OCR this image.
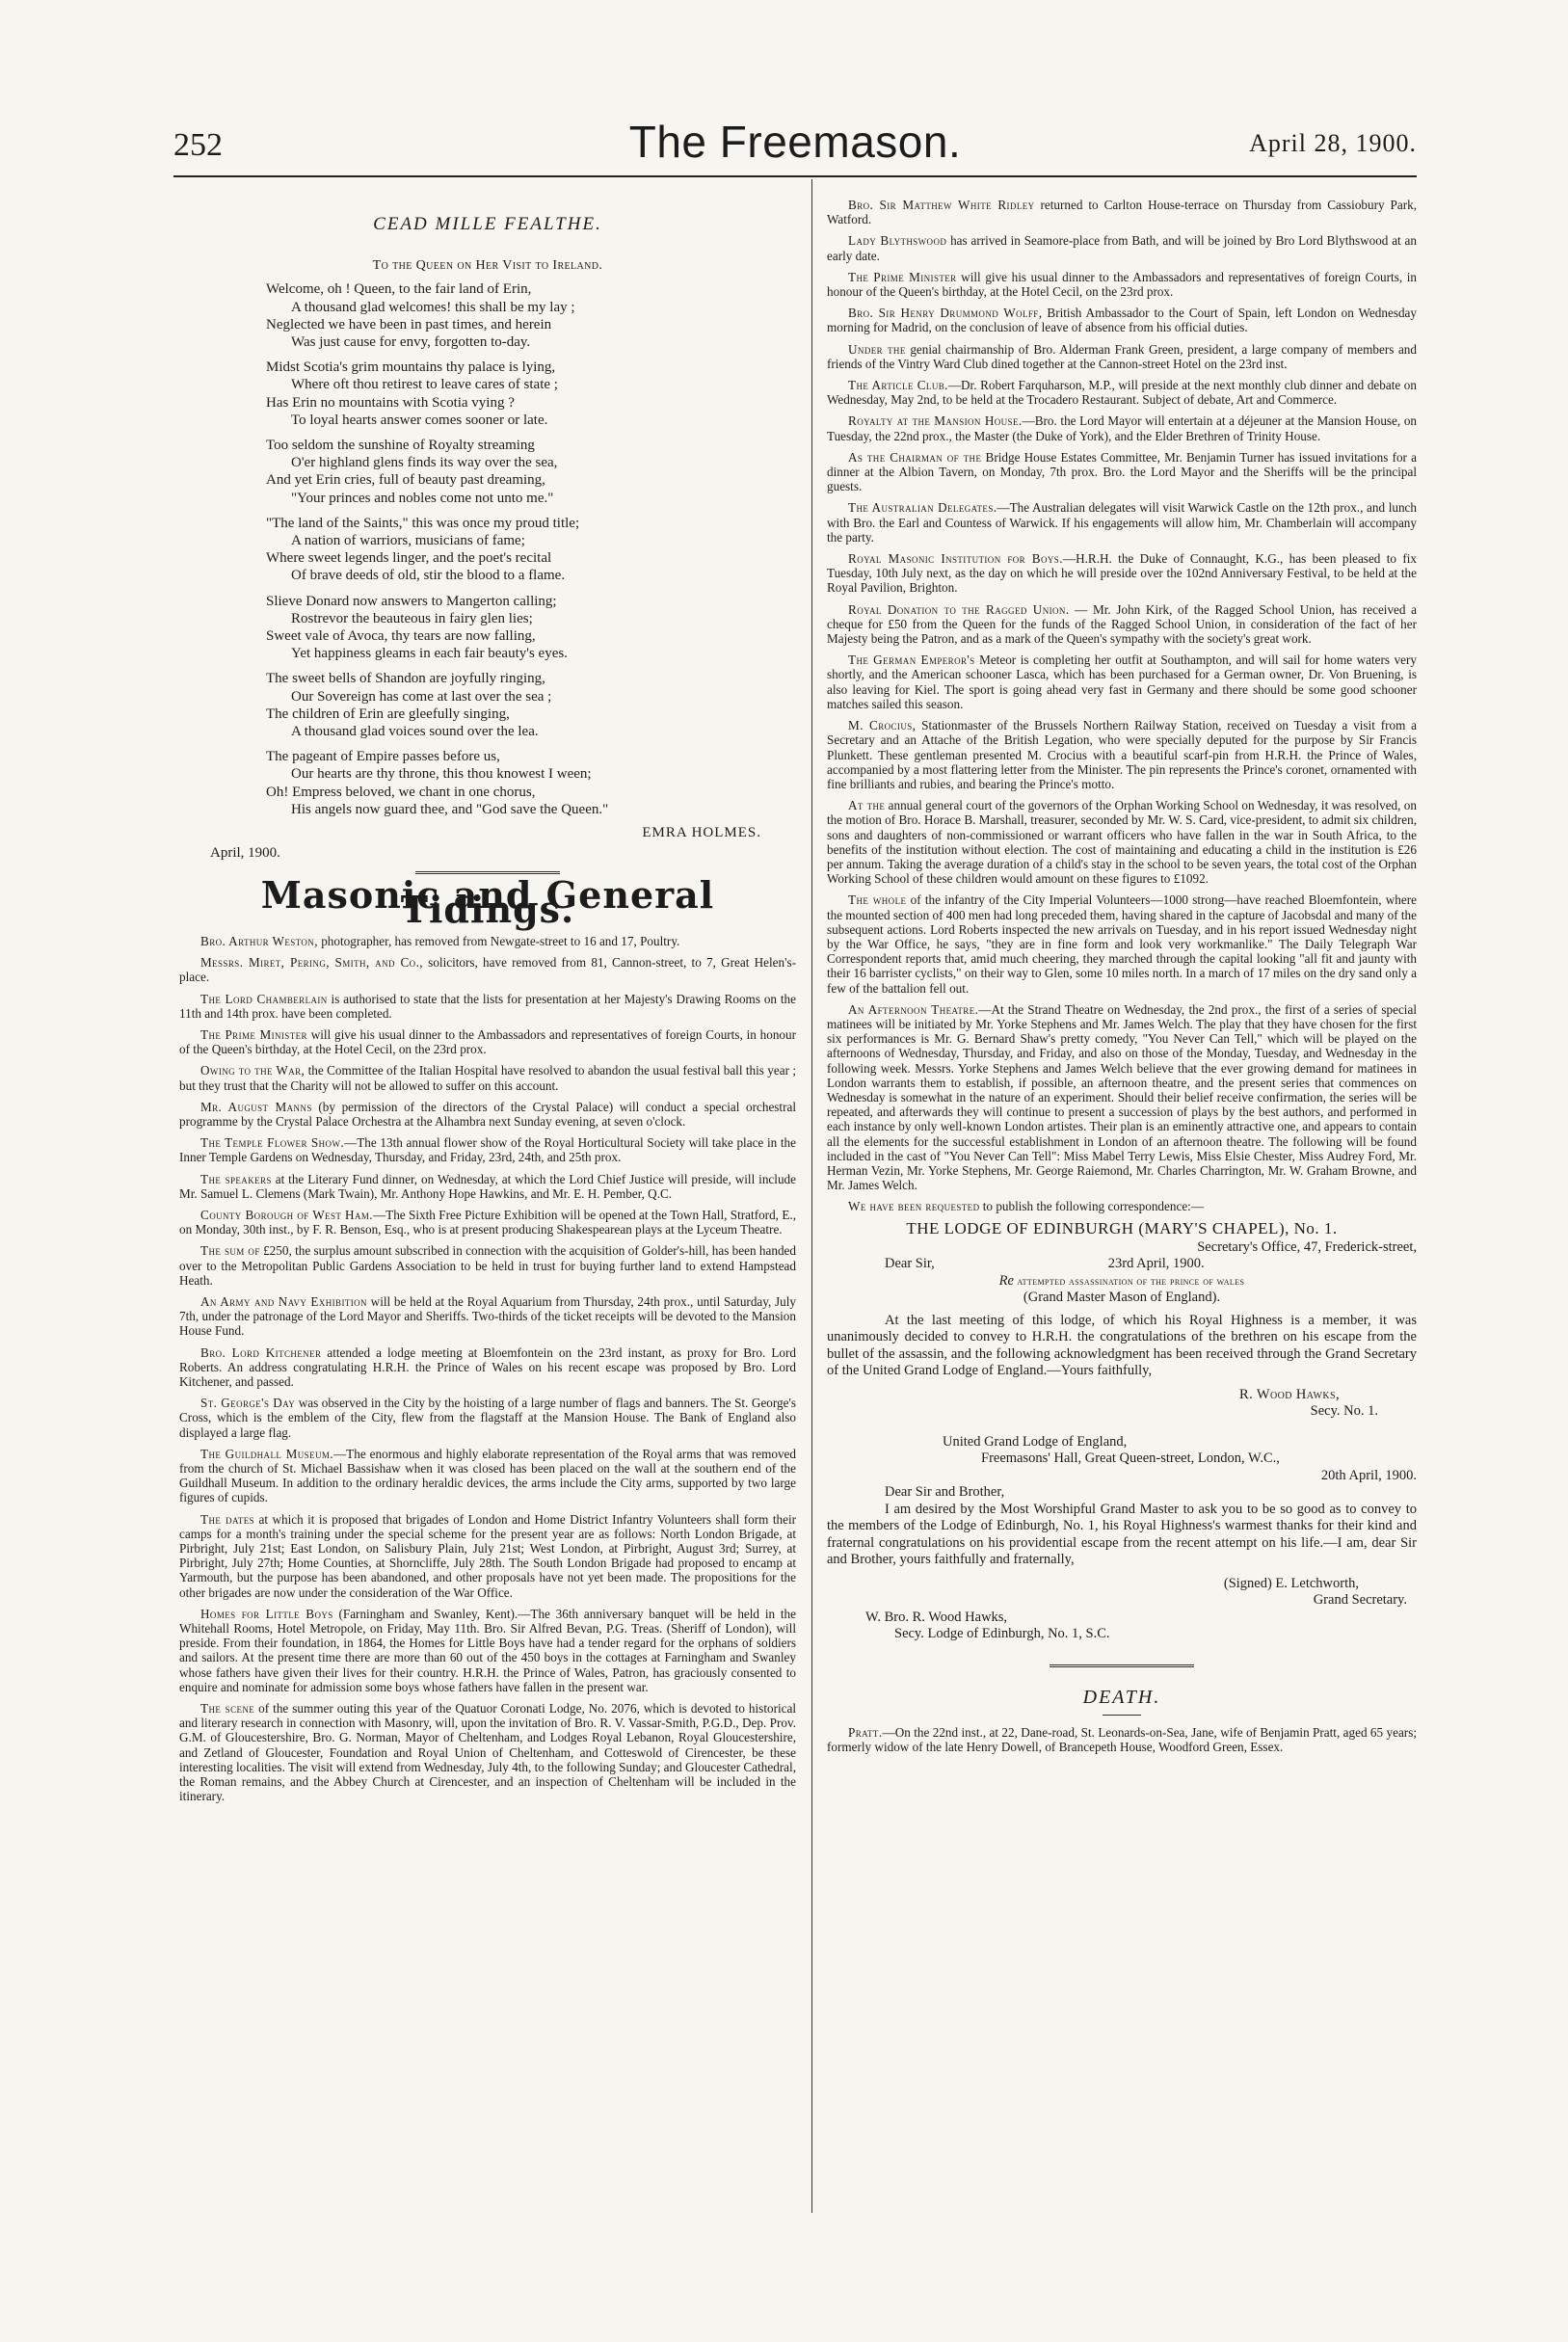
252	The Freemason.	April 28, 1900.
CEAD MILLE FEALTHE.
To the Queen on Her Visit to Ireland.
Welcome, oh ! Queen, to the fair land of Erin,
A thousand glad welcomes! this shall be my lay ;
Neglected we have been in past times, and herein
Was just cause for envy, forgotten to-day.
Midst Scotia's grim mountains thy palace is lying,
Where oft thou retirest to leave cares of state ;
Has Erin no mountains with Scotia vying ?
To loyal hearts answer comes sooner or late.
Too seldom the sunshine of Royalty streaming
O'er highland glens finds its way over the sea,
And yet Erin cries, full of beauty past dreaming,
"Your princes and nobles come not unto me."
"The land of the Saints," this was once my proud title;
A nation of warriors, musicians of fame;
Where sweet legends linger, and the poet's recital
Of brave deeds of old, stir the blood to a flame.
Slieve Donard now answers to Mangerton calling;
Rostrevor the beauteous in fairy glen lies;
Sweet vale of Avoca, thy tears are now falling,
Yet happiness gleams in each fair beauty's eyes.
The sweet bells of Shandon are joyfully ringing,
Our Sovereign has come at last over the sea ;
The children of Erin are gleefully singing,
A thousand glad voices sound over the lea.
The pageant of Empire passes before us,
Our hearts are thy throne, this thou knowest I ween;
Oh! Empress beloved, we chant in one chorus,
His angels now guard thee, and "God save the Queen."
EMRA HOLMES.
April, 1900.
Masonic and General Tidings.

Bro. Arthur Weston, photographer, has removed from Newgate-street to 16 and 17, Poultry.

Messrs. Miret, Pering, Smith, and Co., solicitors, have removed from 81, Cannon-street, to 7, Great Helen's-place.

The Lord Chamberlain is authorised to state that the lists for presentation at her Majesty's Drawing Rooms on the 11th and 14th prox. have been completed.

The Prime Minister will give his usual dinner to the Ambassadors and representatives of foreign Courts, in honour of the Queen's birthday, at the Hotel Cecil, on the 23rd prox.

Owing to the War, the Committee of the Italian Hospital have resolved to abandon the usual festival ball this year ; but they trust that the Charity will not be allowed to suffer on this account.

Mr. August Manns (by permission of the directors of the Crystal Palace) will conduct a special orchestral programme by the Crystal Palace Orchestra at the Alhambra next Sunday evening, at seven o'clock.

The Temple Flower Show.—The 13th annual flower show of the Royal Horticultural Society will take place in the Inner Temple Gardens on Wednesday, Thursday, and Friday, 23rd, 24th, and 25th prox.

The speakers at the Literary Fund dinner, on Wednesday, at which the Lord Chief Justice will preside, will include Mr. Samuel L. Clemens (Mark Twain), Mr. Anthony Hope Hawkins, and Mr. E. H. Pember, Q.C.

County Borough of West Ham.—The Sixth Free Picture Exhibition will be opened at the Town Hall, Stratford, E., on Monday, 30th inst., by F. R. Benson, Esq., who is at present producing Shakespearean plays at the Lyceum Theatre.

The sum of £250, the surplus amount subscribed in connection with the acquisition of Golder's-hill, has been handed over to the Metropolitan Public Gardens Association to be held in trust for buying further land to extend Hampstead Heath.

An Army and Navy Exhibition will be held at the Royal Aquarium from Thursday, 24th prox., until Saturday, July 7th, under the patronage of the Lord Mayor and Sheriffs. Two-thirds of the ticket receipts will be devoted to the Mansion House Fund.

Bro. Lord Kitchener attended a lodge meeting at Bloemfontein on the 23rd instant, as proxy for Bro. Lord Roberts. An address congratulating H.R.H. the Prince of Wales on his recent escape was proposed by Bro. Lord Kitchener, and passed.

St. George's Day was observed in the City by the hoisting of a large number of flags and banners. The St. George's Cross, which is the emblem of the City, flew from the flagstaff at the Mansion House. The Bank of England also displayed a large flag.

The Guildhall Museum.—The enormous and highly elaborate representation of the Royal arms that was removed from the church of St. Michael Bassishaw when it was closed has been placed on the wall at the southern end of the Guildhall Museum. In addition to the ordinary heraldic devices, the arms include the City arms, supported by two large figures of cupids.

The dates at which it is proposed that brigades of London and Home District Infantry Volunteers shall form their camps for a month's training under the special scheme for the present year are as follows: North London Brigade, at Pirbright, July 21st; East London, on Salisbury Plain, July 21st; West London, at Pirbright, August 3rd; Surrey, at Pirbright, July 27th; Home Counties, at Shorncliffe, July 28th. The South London Brigade had proposed to encamp at Yarmouth, but the purpose has been abandoned, and other proposals have not yet been made. The propositions for the other brigades are now under the consideration of the War Office.

Homes for Little Boys (Farningham and Swanley, Kent).—The 36th anniversary banquet will be held in the Whitehall Rooms, Hotel Metropole, on Friday, May 11th. Bro. Sir Alfred Bevan, P.G. Treas. (Sheriff of London), will preside. From their foundation, in 1864, the Homes for Little Boys have had a tender regard for the orphans of soldiers and sailors. At the present time there are more than 60 out of the 450 boys in the cottages at Farningham and Swanley whose fathers have given their lives for their country. H.R.H. the Prince of Wales, Patron, has graciously consented to enquire and nominate for admission some boys whose fathers have fallen in the present war.

The scene of the summer outing this year of the Quatuor Coronati Lodge, No. 2076, which is devoted to historical and literary research in connection with Masonry, will, upon the invitation of Bro. R. V. Vassar-Smith, P.G.D., Dep. Prov. G.M. of Gloucestershire, Bro. G. Norman, Mayor of Cheltenham, and Lodges Royal Lebanon, Royal Gloucestershire, and Zetland of Gloucester, Foundation and Royal Union of Cheltenham, and Cotteswold of Cirencester, be these interesting localities. The visit will extend from Wednesday, July 4th, to the following Sunday; and Gloucester Cathedral, the Roman remains, and the Abbey Church at Cirencester, and an inspection of Cheltenham will be included in the itinerary.

Bro. Sir Matthew White Ridley returned to Carlton House-terrace on Thursday from Cassiobury Park, Watford.

Lady Blythswood has arrived in Seamore-place from Bath, and will be joined by Bro Lord Blythswood at an early date.

The Prime Minister will give his usual dinner to the Ambassadors and representatives of foreign Courts, in honour of the Queen's birthday, at the Hotel Cecil, on the 23rd prox.

Bro. Sir Henry Drummond Wolff, British Ambassador to the Court of Spain, left London on Wednesday morning for Madrid, on the conclusion of leave of absence from his official duties.

Under the genial chairmanship of Bro. Alderman Frank Green, president, a large company of members and friends of the Vintry Ward Club dined together at the Cannon-street Hotel on the 23rd inst.

The Article Club.—Dr. Robert Farquharson, M.P., will preside at the next monthly club dinner and debate on Wednesday, May 2nd, to be held at the Trocadero Restaurant. Subject of debate, Art and Commerce.

Royalty at the Mansion House.—Bro. the Lord Mayor will entertain at a déjeuner at the Mansion House, on Tuesday, the 22nd prox., the Master (the Duke of York), and the Elder Brethren of Trinity House.

As the Chairman of the Bridge House Estates Committee, Mr. Benjamin Turner has issued invitations for a dinner at the Albion Tavern, on Monday, 7th prox. Bro. the Lord Mayor and the Sheriffs will be the principal guests.

The Australian Delegates.—The Australian delegates will visit Warwick Castle on the 12th prox., and lunch with Bro. the Earl and Countess of Warwick. If his engagements will allow him, Mr. Chamberlain will accompany the party.

Royal Masonic Institution for Boys.—H.R.H. the Duke of Connaught, K.G., has been pleased to fix Tuesday, 10th July next, as the day on which he will preside over the 102nd Anniversary Festival, to be held at the Royal Pavilion, Brighton.

Royal Donation to the Ragged Union. — Mr. John Kirk, of the Ragged School Union, has received a cheque for £50 from the Queen for the funds of the Ragged School Union, in consideration of the fact of her Majesty being the Patron, and as a mark of the Queen's sympathy with the society's great work.

The German Emperor's Meteor is completing her outfit at Southampton, and will sail for home waters very shortly, and the American schooner Lasca, which has been purchased for a German owner, Dr. Von Bruening, is also leaving for Kiel. The sport is going ahead very fast in Germany and there should be some good schooner matches sailed this season.

M. Crocius, Stationmaster of the Brussels Northern Railway Station, received on Tuesday a visit from a Secretary and an Attache of the British Legation, who were specially deputed for the purpose by Sir Francis Plunkett. These gentleman presented M. Crocius with a beautiful scarf-pin from H.R.H. the Prince of Wales, accompanied by a most flattering letter from the Minister. The pin represents the Prince's coronet, ornamented with fine brilliants and rubies, and bearing the Prince's motto.

At the annual general court of the governors of the Orphan Working School on Wednesday, it was resolved, on the motion of Bro. Horace B. Marshall, treasurer, seconded by Mr. W. S. Card, vice-president, to admit six children, sons and daughters of non-commissioned or warrant officers who have fallen in the war in South Africa, to the benefits of the institution without election. The cost of maintaining and educating a child in the institution is £26 per annum. Taking the average duration of a child's stay in the school to be seven years, the total cost of the Orphan Working School of these children would amount on these figures to £1092.

The whole of the infantry of the City Imperial Volunteers—1000 strong—have reached Bloemfontein, where the mounted section of 400 men had long preceded them, having shared in the capture of Jacobsdal and many of the subsequent actions. Lord Roberts inspected the new arrivals on Tuesday, and in his report issued Wednesday night by the War Office, he says, "they are in fine form and look very workmanlike." The Daily Telegraph War Correspondent reports that, amid much cheering, they marched through the capital looking "all fit and jaunty with their 16 barrister cyclists," on their way to Glen, some 10 miles north. In a march of 17 miles on the dry sand only a few of the battalion fell out.

An Afternoon Theatre.—At the Strand Theatre on Wednesday, the 2nd prox., the first of a series of special matinees will be initiated by Mr. Yorke Stephens and Mr. James Welch. The play that they have chosen for the first six performances is Mr. G. Bernard Shaw's pretty comedy, "You Never Can Tell," which will be played on the afternoons of Wednesday, Thursday, and Friday, and also on those of the Monday, Tuesday, and Wednesday in the following week. Messrs. Yorke Stephens and James Welch believe that the ever growing demand for matinees in London warrants them to establish, if possible, an afternoon theatre, and the present series that commences on Wednesday is somewhat in the nature of an experiment. Should their belief receive confirmation, the series will be repeated, and afterwards they will continue to present a succession of plays by the best authors, and performed in each instance by only well-known London artistes. Their plan is an eminently attractive one, and appears to contain all the elements for the successful establishment in London of an afternoon theatre. The following will be found included in the cast of "You Never Can Tell": Miss Mabel Terry Lewis, Miss Elsie Chester, Miss Audrey Ford, Mr. Herman Vezin, Mr. Yorke Stephens, Mr. George Raiemond, Mr. Charles Charrington, Mr. W. Graham Browne, and Mr. James Welch.

We have been requested to publish the following correspondence:—

THE LODGE OF EDINBURGH (MARY'S CHAPEL), No. 1.
Secretary's Office, 47, Frederick-street,
Dear Sir,	23rd April, 1900.
Re attempted assassination of the prince of wales
(Grand Master Mason of England).

At the last meeting of this lodge, of which his Royal Highness is a member, it was unanimously decided to convey to H.R.H. the congratulations of the brethren on his escape from the bullet of the assassin, and the following acknowledgment has been received through the Grand Secretary of the United Grand Lodge of England.—Yours faithfully,

R. Wood Hawks,
Secy. No. 1.
United Grand Lodge of England,
Freemasons' Hall, Great Queen-street, London, W.C.,
20th April, 1900.
Dear Sir and Brother,

I am desired by the Most Worshipful Grand Master to ask you to be so good as to convey to the members of the Lodge of Edinburgh, No. 1, his Royal Highness's warmest thanks for their kind and fraternal congratulations on his providential escape from the recent attempt on his life.—I am, dear Sir and Brother, yours faithfully and fraternally,

(Signed) E. Letchworth,
Grand Secretary.
W. Bro. R. Wood Hawks,
Secy. Lodge of Edinburgh, No. 1, S.C.
DEATH.

Pratt.—On the 22nd inst., at 22, Dane-road, St. Leonards-on-Sea, Jane, wife of Benjamin Pratt, aged 65 years; formerly widow of the late Henry Dowell, of Brancepeth House, Woodford Green, Essex.
